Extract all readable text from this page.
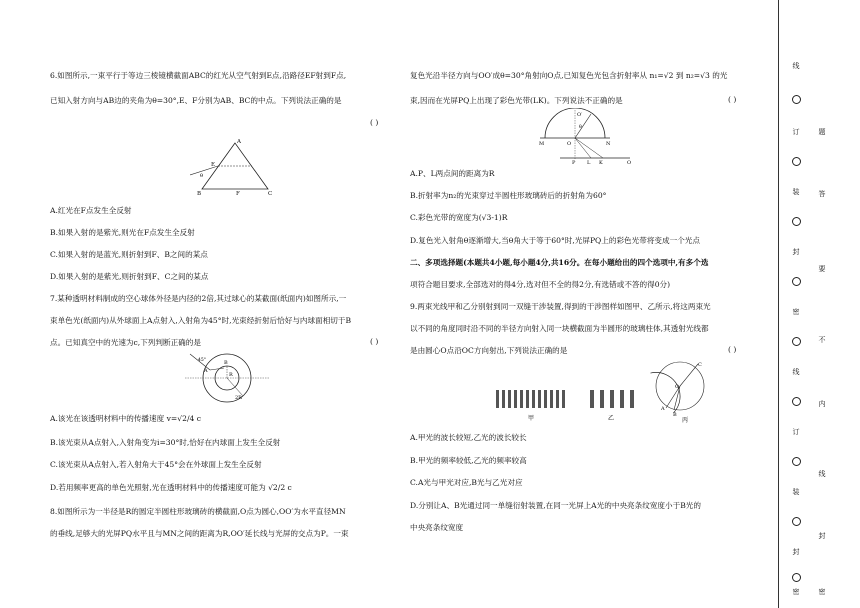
6.如图所示,一束平行于等边三棱镜横截面ABC的红光从空气射到E点,沿路径EF射到F点,
已知入射方向与AB边的夹角为θ=30°,E、F分别为AB、BC的中点。下列说法正确的是
( )
A
E
B	F	C
θ
A.红光在F点发生全反射
B.如果入射的是紫光,则光在F点发生全反射
C.如果入射的是蓝光,则折射到F、B之间的某点
D.如果入射的是紫光,则折射到F、C之间的某点
7.某种透明材料制成的空心球体外径是内径的2倍,其过球心的某截面(纸面内)如图所示,一
束单色光(纸面内)从外球面上A点射入,入射角为45°时,光束经折射后恰好与内球面相切于B
点。已知真空中的光速为c,下列判断正确的是	( )
A
B
R
2R
45°
A.该光在该透明材料中的传播速度 v=√2/4 c
B.该光束从A点射入,入射角变为i=30°时,恰好在内球面上发生全反射
C.该光束从A点射入,若入射角大于45°会在外球面上发生全反射
D.若用频率更高的单色光照射,光在透明材料中的传播速度可能为 √2/2 c
8.如图所示为一半径是R的圆定半圆柱形玻璃砖的横截面,O点为圆心,OO′为水平直径MN
的垂线,足够大的光屏PQ水平且与MN之间的距离为R,OO′延长线与光屏的交点为P。一束
复色光沿半径方向与OO′成θ=30°角射向O点,已知复色光包含折射率从 n₁=√2 到 n₂=√3 的光
束,因而在光屏PQ上出现了彩色光带(LK)。下列说法不正确的是	( )
M	N
O
O′
P L K	Q
θ
A.P、L两点间的距离为R
B.折射率为n₂的光束穿过半圆柱形玻璃砖后的折射角为60°
C.彩色光带的宽度为(√3-1)R
D.复色光入射角θ逐渐增大,当θ角大于等于60°时,光屏PQ上的彩色光带将变成一个光点
二、多项选择题(本题共4小题,每小题4分,共16分。在每小题给出的四个选项中,有多个选
项符合题目要求,全部选对的得4分,选对但不全的得2分,有选错或不答的得0分)
9.两束光线甲和乙分别射到同一双缝干涉装置,得到的干涉图样如图甲、乙所示,将这两束光
以不同的角度同时沿不同的半径方向射入同一块横截面为半圆形的玻璃柱体,其透射光线都
是由圆心O点沿OC方向射出,下列说法正确的是	( )
甲	乙	丙
O
C
A
B
A.甲光的波长较短,乙光的波长较长
B.甲光的频率较低,乙光的频率较高
C.A光与甲光对应,B光与乙光对应
D.分别让A、B光通过同一单缝衍射装置,在同一光屏上A光的中央亮条纹宽度小于B光的
中央亮条纹宽度
线
订
装
封
密
线
订
装
封
密
题
答
要
不
内
线
封
密
